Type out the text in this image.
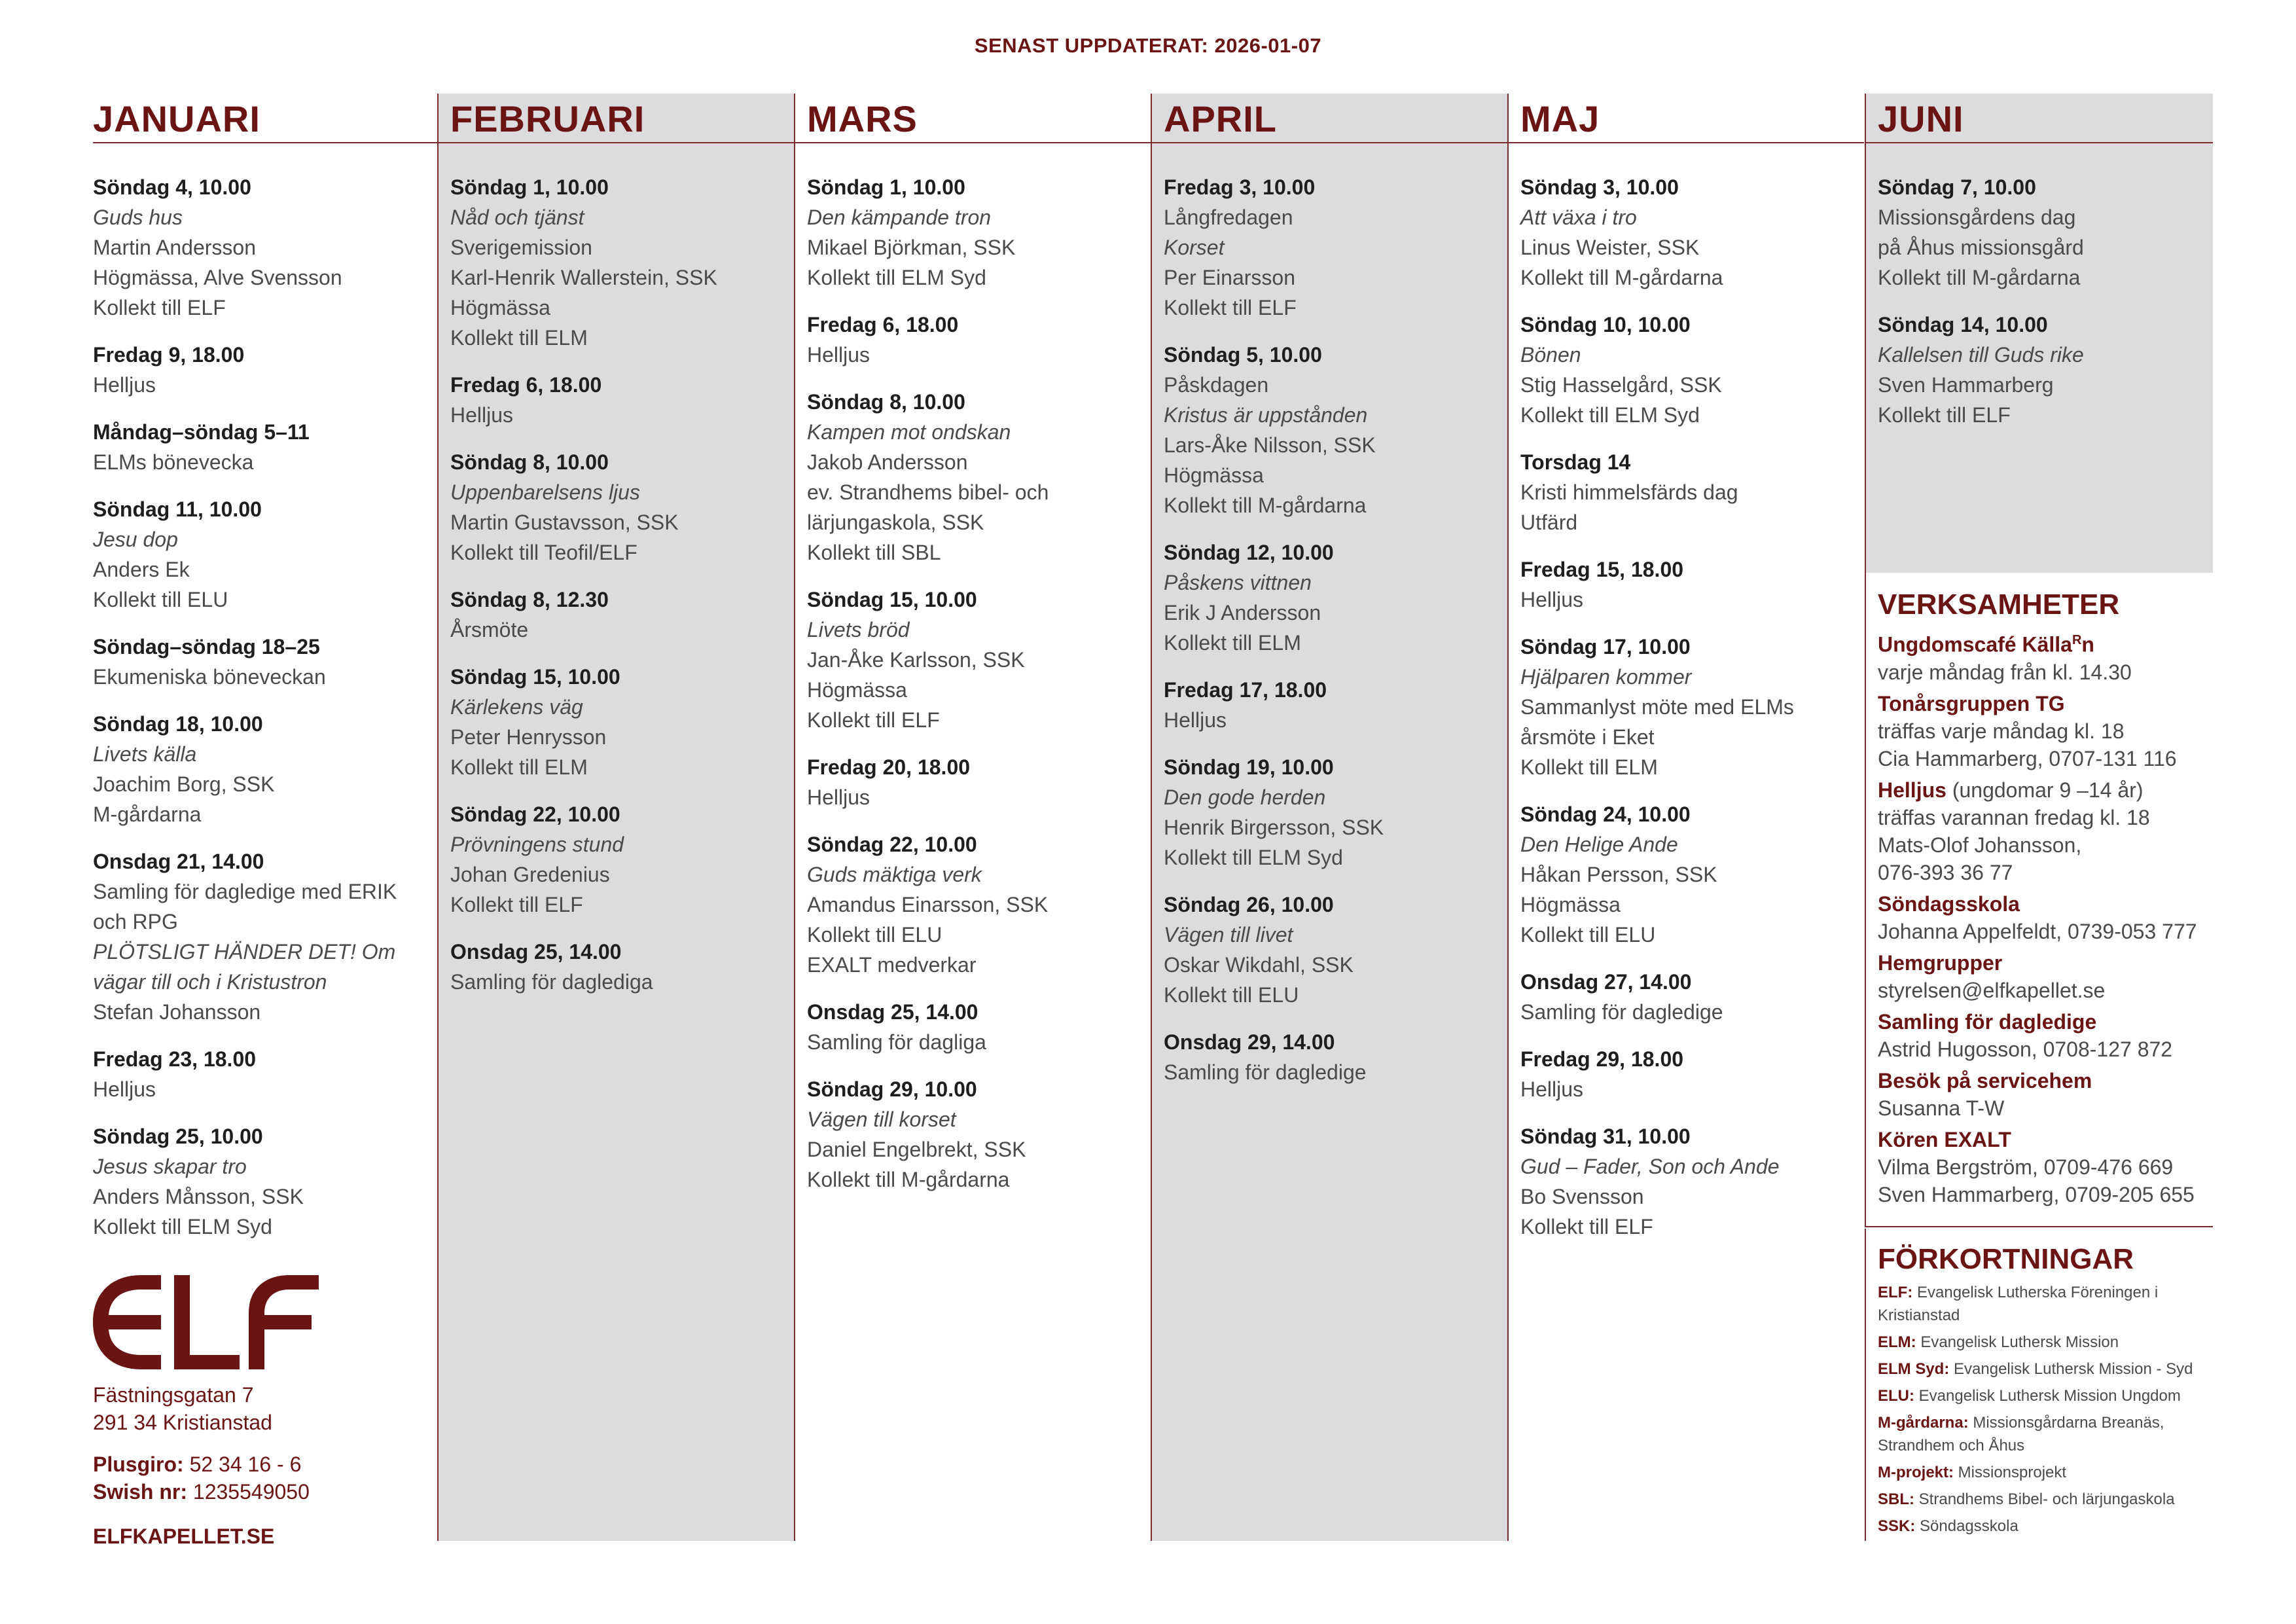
SENAST UPPDATERAT: 2026-01-07
JANUARI
Söndag 4, 10.00
Guds hus
Martin Andersson
Högmässa, Alve Svensson
Kollekt till ELF
Fredag 9, 18.00
Helljus
Måndag–söndag 5–11
ELMs bönevecka
Söndag 11, 10.00
Jesu dop
Anders Ek
Kollekt till ELU
Söndag–söndag 18–25
Ekumeniska böneveckan
Söndag 18, 10.00
Livets källa
Joachim Borg, SSK
M-gårdarna
Onsdag 21, 14.00
Samling för dagledige med ERIK
och RPG
PLÖTSLIGT HÄNDER DET! Om
vägar till och i Kristustron
Stefan Johansson
Fredag 23, 18.00
Helljus
Söndag 25, 10.00
Jesus skapar tro
Anders Månsson, SSK
Kollekt till ELM Syd
FEBRUARI
Söndag 1, 10.00
Nåd och tjänst
Sverigemission
Karl-Henrik Wallerstein, SSK
Högmässa
Kollekt till ELM
Fredag 6, 18.00
Helljus
Söndag 8, 10.00
Uppenbarelsens ljus
Martin Gustavsson, SSK
Kollekt till Teofil/ELF
Söndag 8, 12.30
Årsmöte
Söndag 15, 10.00
Kärlekens väg
Peter Henrysson
Kollekt till ELM
Söndag 22, 10.00
Prövningens stund
Johan Gredenius
Kollekt till ELF
Onsdag 25, 14.00
Samling för daglediga
MARS
Söndag 1, 10.00
Den kämpande tron
Mikael Björkman, SSK
Kollekt till ELM Syd
Fredag 6, 18.00
Helljus
Söndag 8, 10.00
Kampen mot ondskan
Jakob Andersson
ev. Strandhems bibel- och
lärjungaskola, SSK
Kollekt till SBL
Söndag 15, 10.00
Livets bröd
Jan-Åke Karlsson, SSK
Högmässa
Kollekt till ELF
Fredag 20, 18.00
Helljus
Söndag 22, 10.00
Guds mäktiga verk
Amandus Einarsson, SSK
Kollekt till ELU
EXALT medverkar
Onsdag 25, 14.00
Samling för dagliga
Söndag 29, 10.00
Vägen till korset
Daniel Engelbrekt, SSK
Kollekt till M-gårdarna
APRIL
Fredag 3, 10.00
Långfredagen
Korset
Per Einarsson
Kollekt till ELF
Söndag 5, 10.00
Påskdagen
Kristus är uppstånden
Lars-Åke Nilsson, SSK
Högmässa
Kollekt till M-gårdarna
Söndag 12, 10.00
Påskens vittnen
Erik J Andersson
Kollekt till ELM
Fredag 17, 18.00
Helljus
Söndag 19, 10.00
Den gode herden
Henrik Birgersson, SSK
Kollekt till ELM Syd
Söndag 26, 10.00
Vägen till livet
Oskar Wikdahl, SSK
Kollekt till ELU
Onsdag 29, 14.00
Samling för dagledige
MAJ
Söndag 3, 10.00
Att växa i tro
Linus Weister, SSK
Kollekt till M-gårdarna
Söndag 10, 10.00
Bönen
Stig Hasselgård, SSK
Kollekt till ELM Syd
Torsdag 14
Kristi himmelsfärds dag
Utfärd
Fredag 15, 18.00
Helljus
Söndag 17, 10.00
Hjälparen kommer
Sammanlyst möte med ELMs
årsmöte i Eket
Kollekt till ELM
Söndag 24, 10.00
Den Helige Ande
Håkan Persson, SSK
Högmässa
Kollekt till ELU
Onsdag 27, 14.00
Samling för dagledige
Fredag 29, 18.00
Helljus
Söndag 31, 10.00
Gud – Fader, Son och Ande
Bo Svensson
Kollekt till ELF
JUNI
Söndag 7, 10.00
Missionsgårdens dag
på Åhus missionsgård
Kollekt till M-gårdarna
Söndag 14, 10.00
Kallelsen till Guds rike
Sven Hammarberg
Kollekt till ELF
VERKSAMHETER
Ungdomscafé Källa$^R$n
varje måndag från kl. 14.30
Tonårsgruppen TG
träffas varje måndag kl. 18
Cia Hammarberg, 0707-131 116
Helljus (ungdomar 9 –14 år)
träffas varannan fredag kl. 18
Mats-Olof Johansson,
076-393 36 77
Söndagsskola
Johanna Appelfeldt, 0739-053 777
Hemgrupper
styrelsen@elfkapellet.se
Samling för dagledige
Astrid Hugosson, 0708-127 872
Besök på servicehem
Susanna T-W
Kören EXALT
Vilma Bergström, 0709-476 669
Sven Hammarberg, 0709-205 655
FÖRKORTNINGAR
ELF: Evangelisk Lutherska Föreningen i Kristianstad
ELM: Evangelisk Luthersk Mission
ELM Syd: Evangelisk Luthersk Mission - Syd
ELU: Evangelisk Luthersk Mission Ungdom
M-gårdarna: Missionsgårdarna Breanäs, Strandhem och Åhus
M-projekt: Missionsprojekt
SBL: Strandhems Bibel- och lärjungaskola
SSK: Söndagsskola
Fästningsgatan 7
291 34 Kristianstad
Plusgiro: 52 34 16 - 6
Swish nr: 1235549050
ELFKAPELLET.SE
